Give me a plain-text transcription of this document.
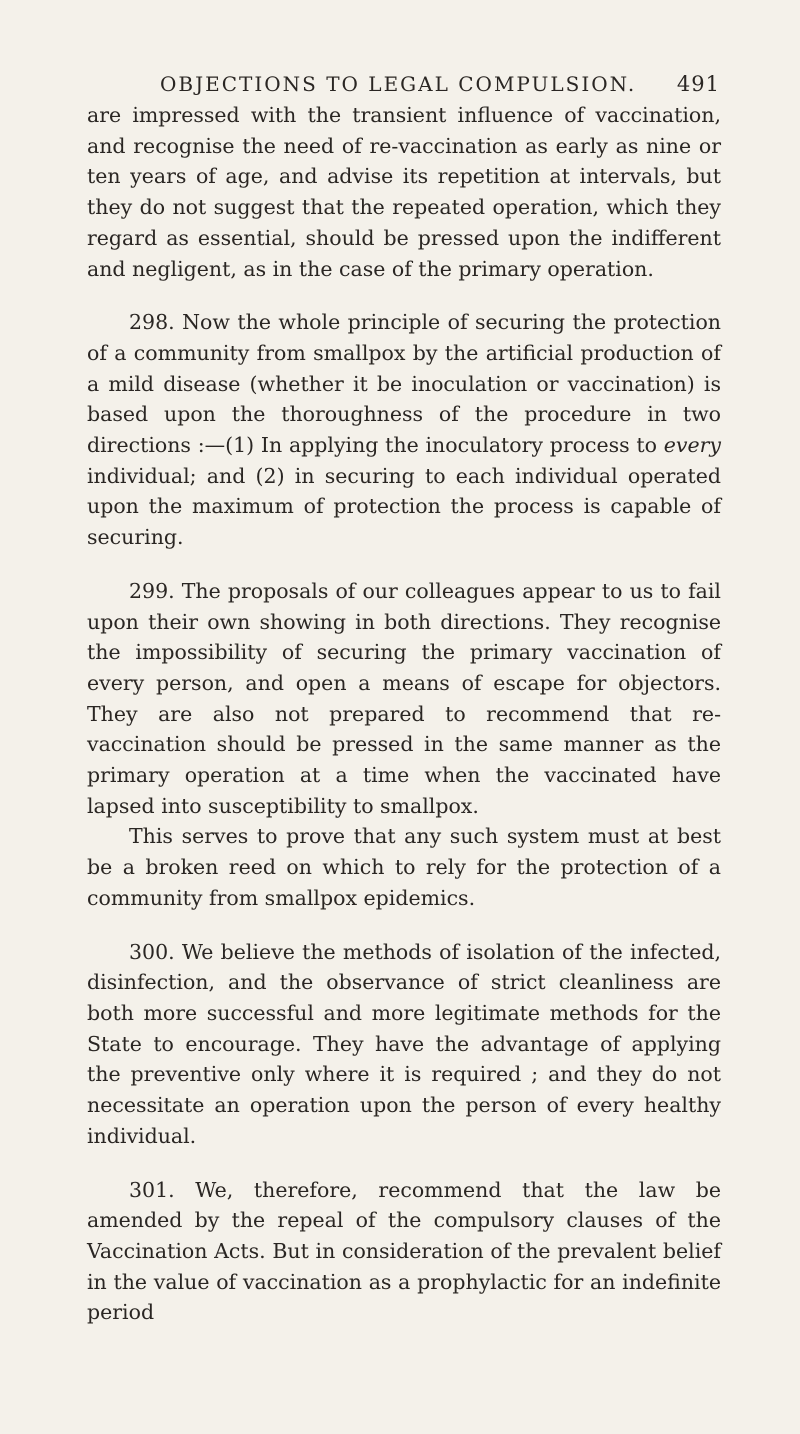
OBJECTIONS TO LEGAL COMPULSION. 491

are impressed with the transient influence of vaccination, and recognise the need of re-vaccination as early as nine or ten years of age, and advise its repetition at intervals, but they do not suggest that the repeated operation, which they regard as essential, should be pressed upon the indifferent and negligent, as in the case of the primary operation.

298. Now the whole principle of securing the protection of a community from smallpox by the artificial production of a mild disease (whether it be inoculation or vaccination) is based upon the thoroughness of the procedure in two directions :—(1) In applying the inoculatory process to every individual; and (2) in securing to each individual operated upon the maximum of protection the process is capable of securing.

299. The proposals of our colleagues appear to us to fail upon their own showing in both directions. They recognise the impossibility of securing the primary vaccination of every person, and open a means of escape for objectors. They are also not prepared to recommend that re-vaccination should be pressed in the same manner as the primary operation at a time when the vaccinated have lapsed into susceptibility to smallpox.

This serves to prove that any such system must at best be a broken reed on which to rely for the protection of a community from smallpox epidemics.

300. We believe the methods of isolation of the infected, disinfection, and the observance of strict cleanliness are both more successful and more legitimate methods for the State to encourage. They have the advantage of applying the preventive only where it is required ; and they do not necessitate an operation upon the person of every healthy individual.

301. We, therefore, recommend that the law be amended by the repeal of the compulsory clauses of the Vaccination Acts. But in consideration of the prevalent belief in the value of vaccination as a prophylactic for an indefinite period
